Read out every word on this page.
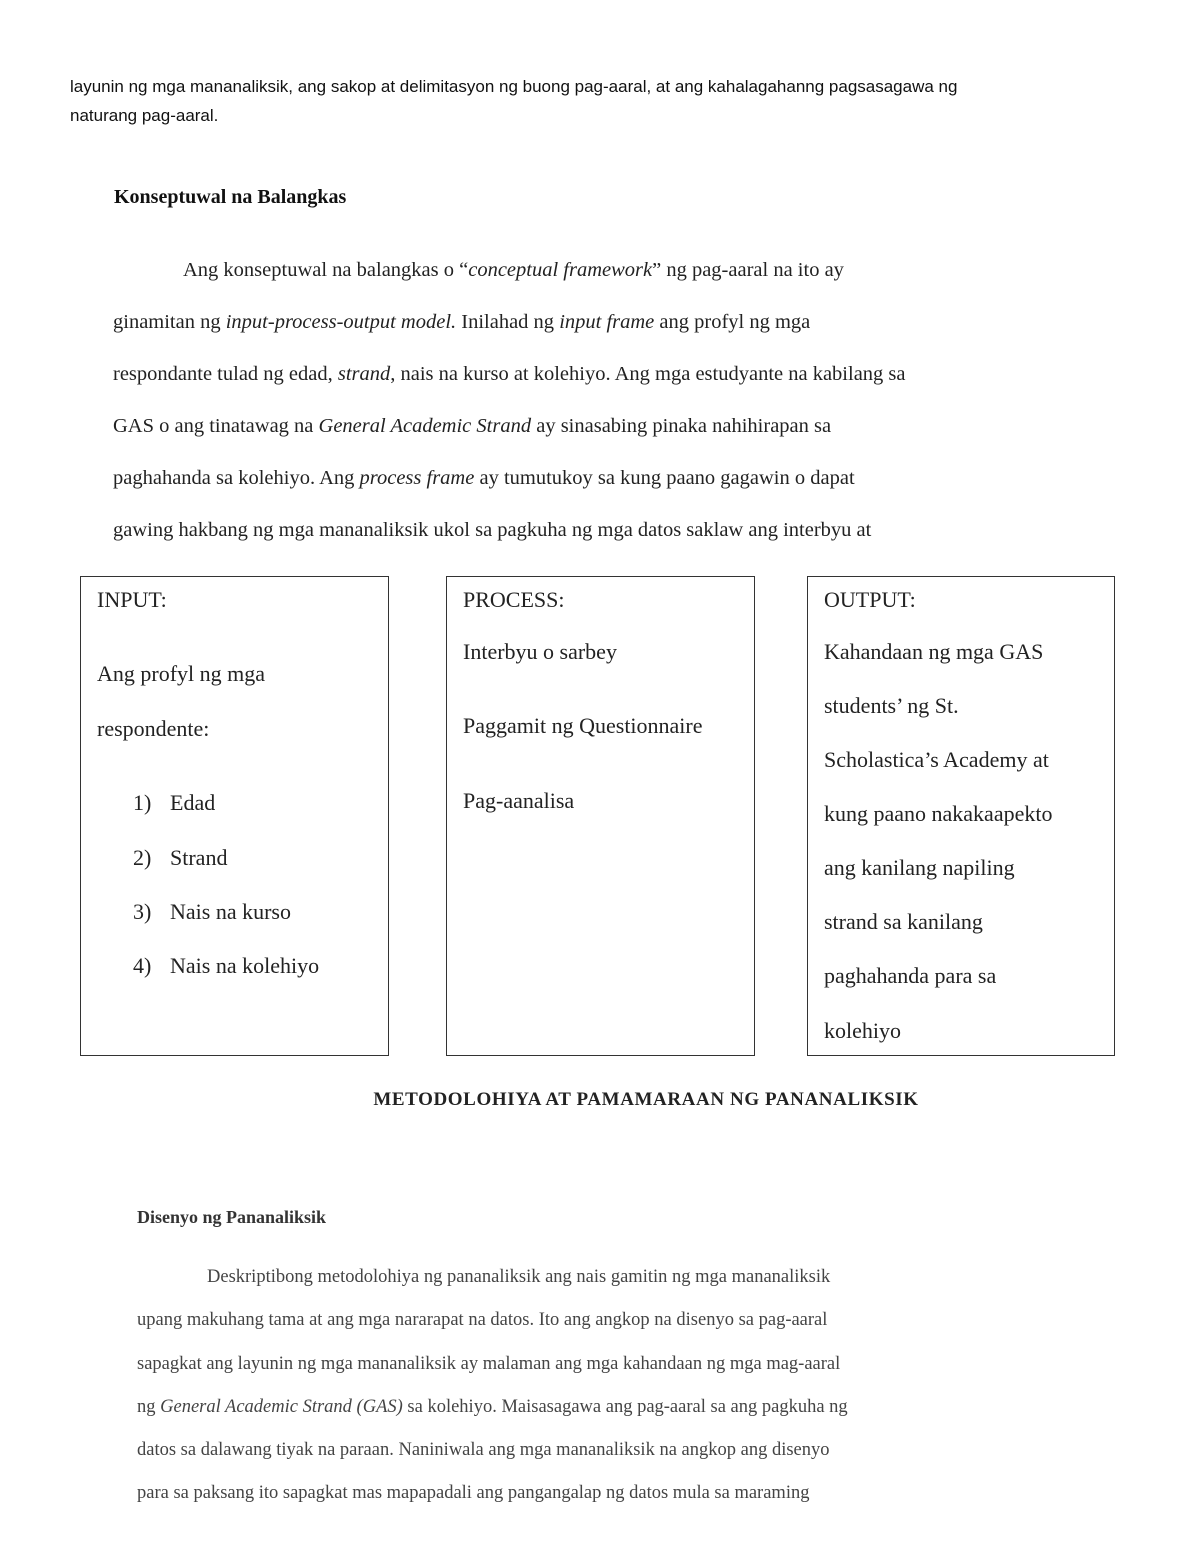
layunin ng mga mananaliksik, ang sakop at delimitasyon ng buong pag-aaral, at ang kahalagahanng pagsasagawa ng
naturang pag-aaral.
Konseptuwal na Balangkas
Ang konseptuwal na balangkas o “conceptual framework” ng pag-aaral na ito ay
ginamitan ng input-process-output model. Inilahad ng input frame ang profyl ng mga
respondante tulad ng edad, strand, nais na kurso at kolehiyo. Ang mga estudyante na kabilang sa
GAS o ang tinatawag na General Academic Strand ay sinasabing pinaka nahihirapan sa
paghahanda sa kolehiyo. Ang process frame ay tumutukoy sa kung paano gagawin o dapat
gawing hakbang ng mga mananaliksik ukol sa pagkuha ng mga datos saklaw ang interbyu at
INPUT:
Ang profyl ng mga
respondente:
1) Edad
2) Strand
3) Nais na kurso
4) Nais na kolehiyo
PROCESS:
Interbyu o sarbey
Paggamit ng Questionnaire
Pag-aanalisa
OUTPUT:
Kahandaan ng mga GAS
students’ ng St.
Scholastica’s Academy at
kung paano nakakaapekto
ang kanilang napiling
strand sa kanilang
paghahanda para sa
kolehiyo
METODOLOHIYA AT PAMAMARAAN NG PANANALIKSIK
Disenyo ng Pananaliksik
Deskriptibong metodolohiya ng pananaliksik ang nais gamitin ng mga mananaliksik
upang makuhang tama at ang mga nararapat na datos. Ito ang angkop na disenyo sa pag-aaral
sapagkat ang layunin ng mga mananaliksik ay malaman ang mga kahandaan ng mga mag-aaral
ng General Academic Strand (GAS) sa kolehiyo. Maisasagawa ang pag-aaral sa ang pagkuha ng
datos sa dalawang tiyak na paraan. Naniniwala ang mga mananaliksik na angkop ang disenyo
para sa paksang ito sapagkat mas mapapadali ang pangangalap ng datos mula sa maraming
